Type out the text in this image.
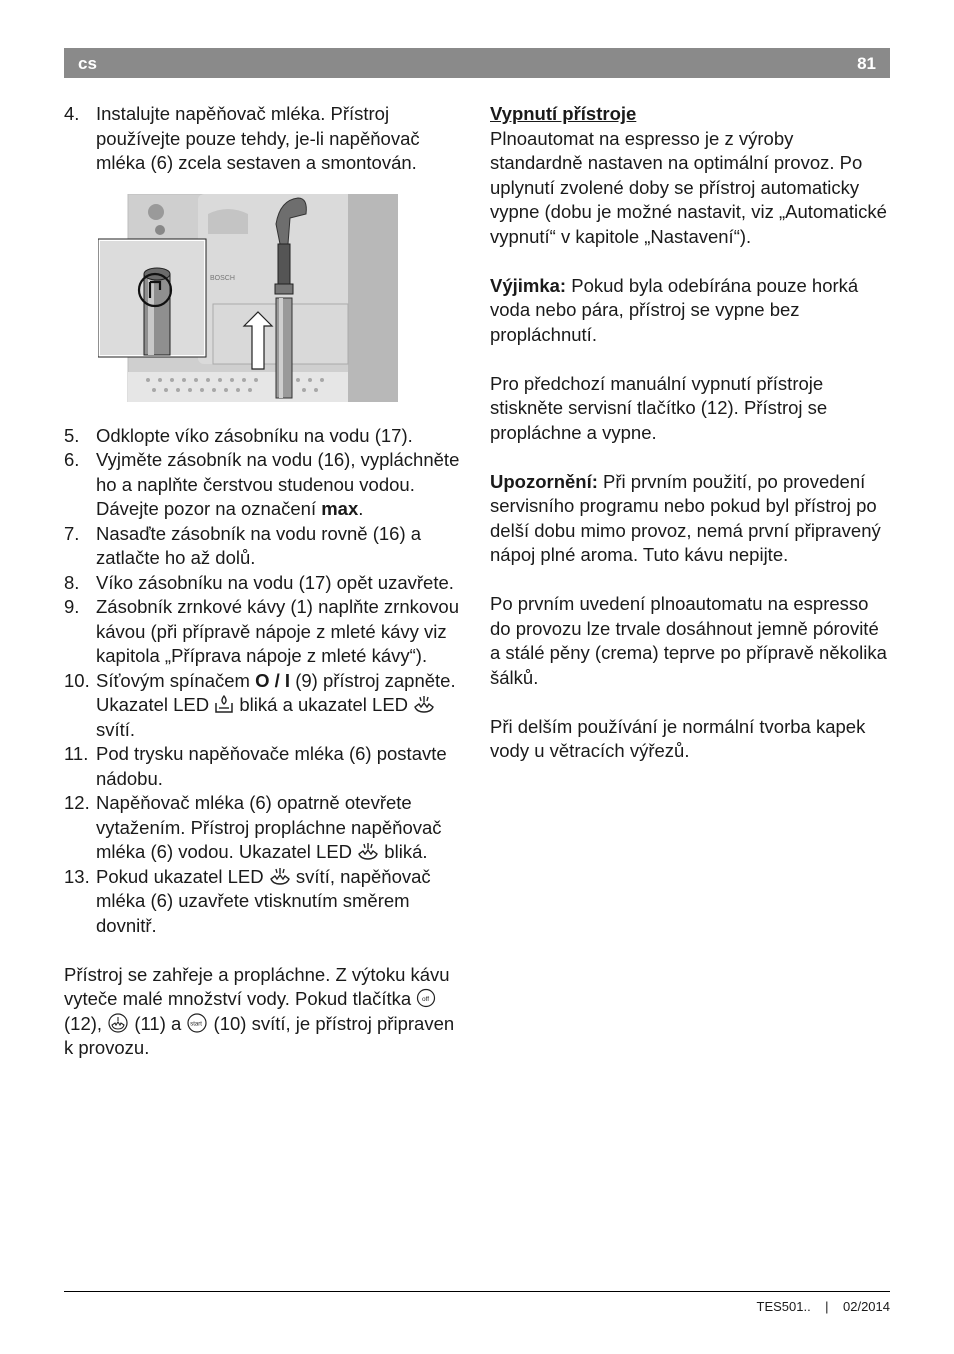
cs	81
4. Instalujte napěňovač mléka. Přístroj používejte pouze tehdy, je-li napěňovač mléka (6) zcela sestaven a smontován.
BOSCH
5. Odklopte víko zásobníku na vodu (17).
6. Vyjměte zásobník na vodu (16), vypláchněte ho a naplňte čerstvou studenou vodou. Dávejte pozor na označení max.
7. Nasaďte zásobník na vodu rovně (16) a zatlačte ho až dolů.
8. Víko zásobníku na vodu (17) opět uzavřete.
9. Zásobník zrnkové kávy (1) naplňte zrnkovou kávou (při přípravě nápoje z mleté kávy viz kapitola „Příprava nápoje z mleté kávy“).
10. Síťovým spínačem O / I (9) přístroj zapněte. Ukazatel LED  bliká a ukazatel LED  svítí.
11. Pod trysku napěňovače mléka (6) postavte nádobu.
12. Napěňovač mléka (6) opatrně otevřete vytažením. Přístroj propláchne napěňovač mléka (6) vodou. Ukazatel LED  bliká.
13. Pokud ukazatel LED  svítí, napěňovač mléka (6) uzavřete vtisknutím směrem dovnitř.

Přístroj se zahřeje a propláchne. Z výtoku kávu vyteče malé množství vody. Pokud tlačítka off
(12),  (11) a start (10) svítí, je přístroj připraven k provozu.

Vypnutí přístroje

Plnoautomat na espresso je z výroby standardně nastaven na optimální provoz. Po uplynutí zvolené doby se přístroj automaticky vypne (dobu je možné nastavit, viz „Automatické vypnutí“ v kapitole „Nastavení“).

Výjimka: Pokud byla odebírána pouze horká voda nebo pára, přístroj se vypne bez propláchnutí.

Pro předchozí manuální vypnutí přístroje stiskněte servisní tlačítko (12). Přístroj se propláchne a vypne.

Upozornění: Při prvním použití, po provedení servisního programu nebo pokud byl přístroj po delší dobu mimo provoz, nemá první připravený nápoj plné aroma. Tuto kávu nepijte.

Po prvním uvedení plnoautomatu na espresso do provozu lze trvale dosáhnout jemně pórovité a stálé pěny (crema) teprve po přípravě několika šálků.

Při delším používání je normální tvorba kapek vody u větracích výřezů.

TES501.. | 02/2014
